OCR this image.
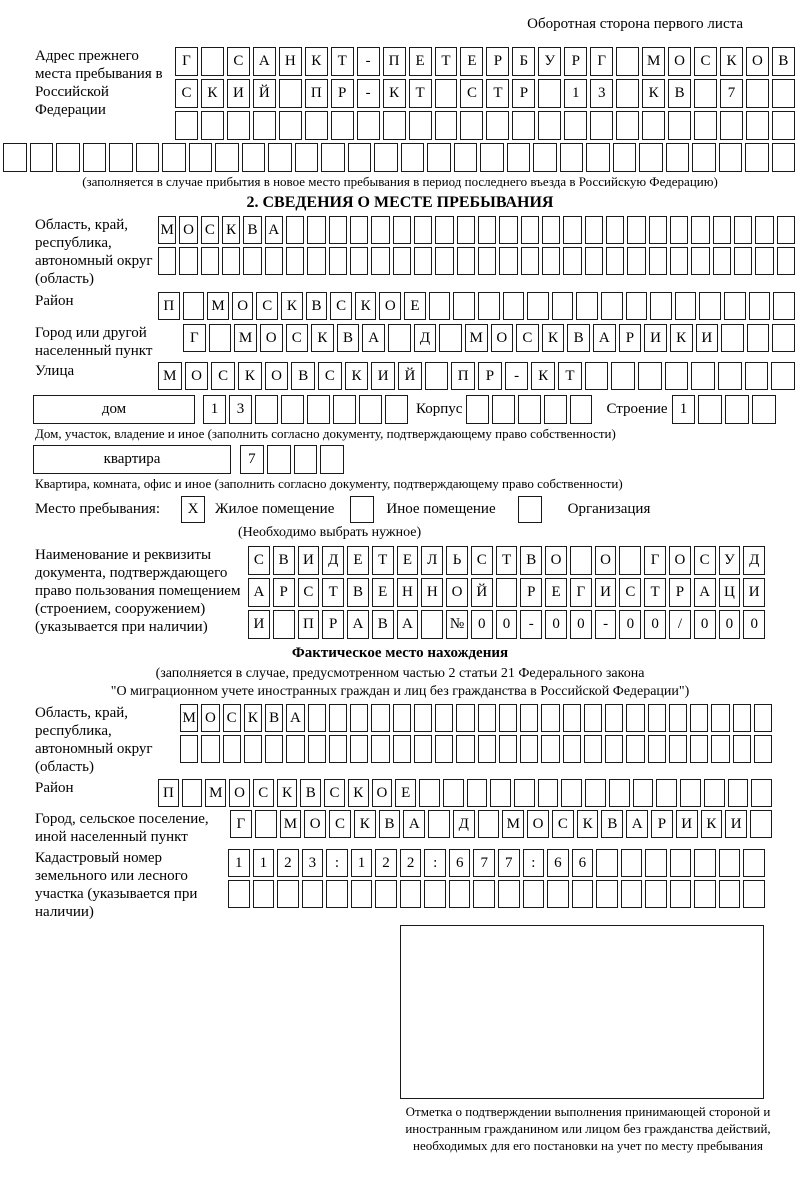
Оборотная сторона первого листа
Адрес прежнего места пребывания в Российской Федерации
Г	С	А	Н	К	Т	-	П	Е	Т	Е	Р	Б	У	Р	Г	М О	С	К	О	В
С	К	И	Й	П	Р	-	К	Т	С	Т	Р	1	3	К	В	7
(заполняется в случае прибытия в новое место пребывания в период последнего въезда в Российскую Федерацию)
2. СВЕДЕНИЯ О МЕСТЕ ПРЕБЫВАНИЯ
Область, край, республика, автономный округ (область)
М О С К В А
Район	П	М О С К В С К О Е
Город или другой населенный пункт
Г	М О	С	К	В	А	Д	М О	С	К	В	А	Р	И	К	И
Улица	М О	С	К	О	В	С	К	И	Й	П	Р	-	К	Т
дом	1	3	Корпус	Строение 1
Дом, участок, владение и иное (заполнить согласно документу, подтверждающему право собственности)
квартира	7
Квартира, комната, офис и иное (заполнить согласно документу, подтверждающему право собственности)
Место пребывания:	X	Жилое помещение	Иное помещение	Организация
(Необходимо выбрать нужное)
Наименование и реквизиты документа, подтверждающего право пользования помещением (строением, сооружением) (указывается при наличии)
С В И Д	Е	Т	Е	Л	Ь	С	Т	В О	О	Г	О С У Д
А	Р	С	Т	В	Е Н Н О Й	Р	Е	Г	И С	Т	Р	А Ц И
И	П	Р	А В А	№ 0	0	-	0	0	-	0	0	/	0	0	0
Фактическое место нахождения
(заполняется в случае, предусмотренном частью 2 статьи 21 Федерального закона
"О миграционном учете иностранных граждан и лиц без гражданства в Российской Федерации")
Область, край, республика, автономный округ (область)
М О С К В А
Район	П	М О С К В С К О Е
Город, сельское поселение, иной населенный пункт
Г	М О С К В А	Д	М О С К В А	Р	И К И
Кадастровый номер земельного или лесного участка (указывается при наличии)
1	1	2	3	:	1	2	2	:	6	7	7	:	6	6
Отметка о подтверждении выполнения принимающей стороной и иностранным гражданином или лицом без гражданства действий, необходимых для его постановки на учет по месту пребывания
